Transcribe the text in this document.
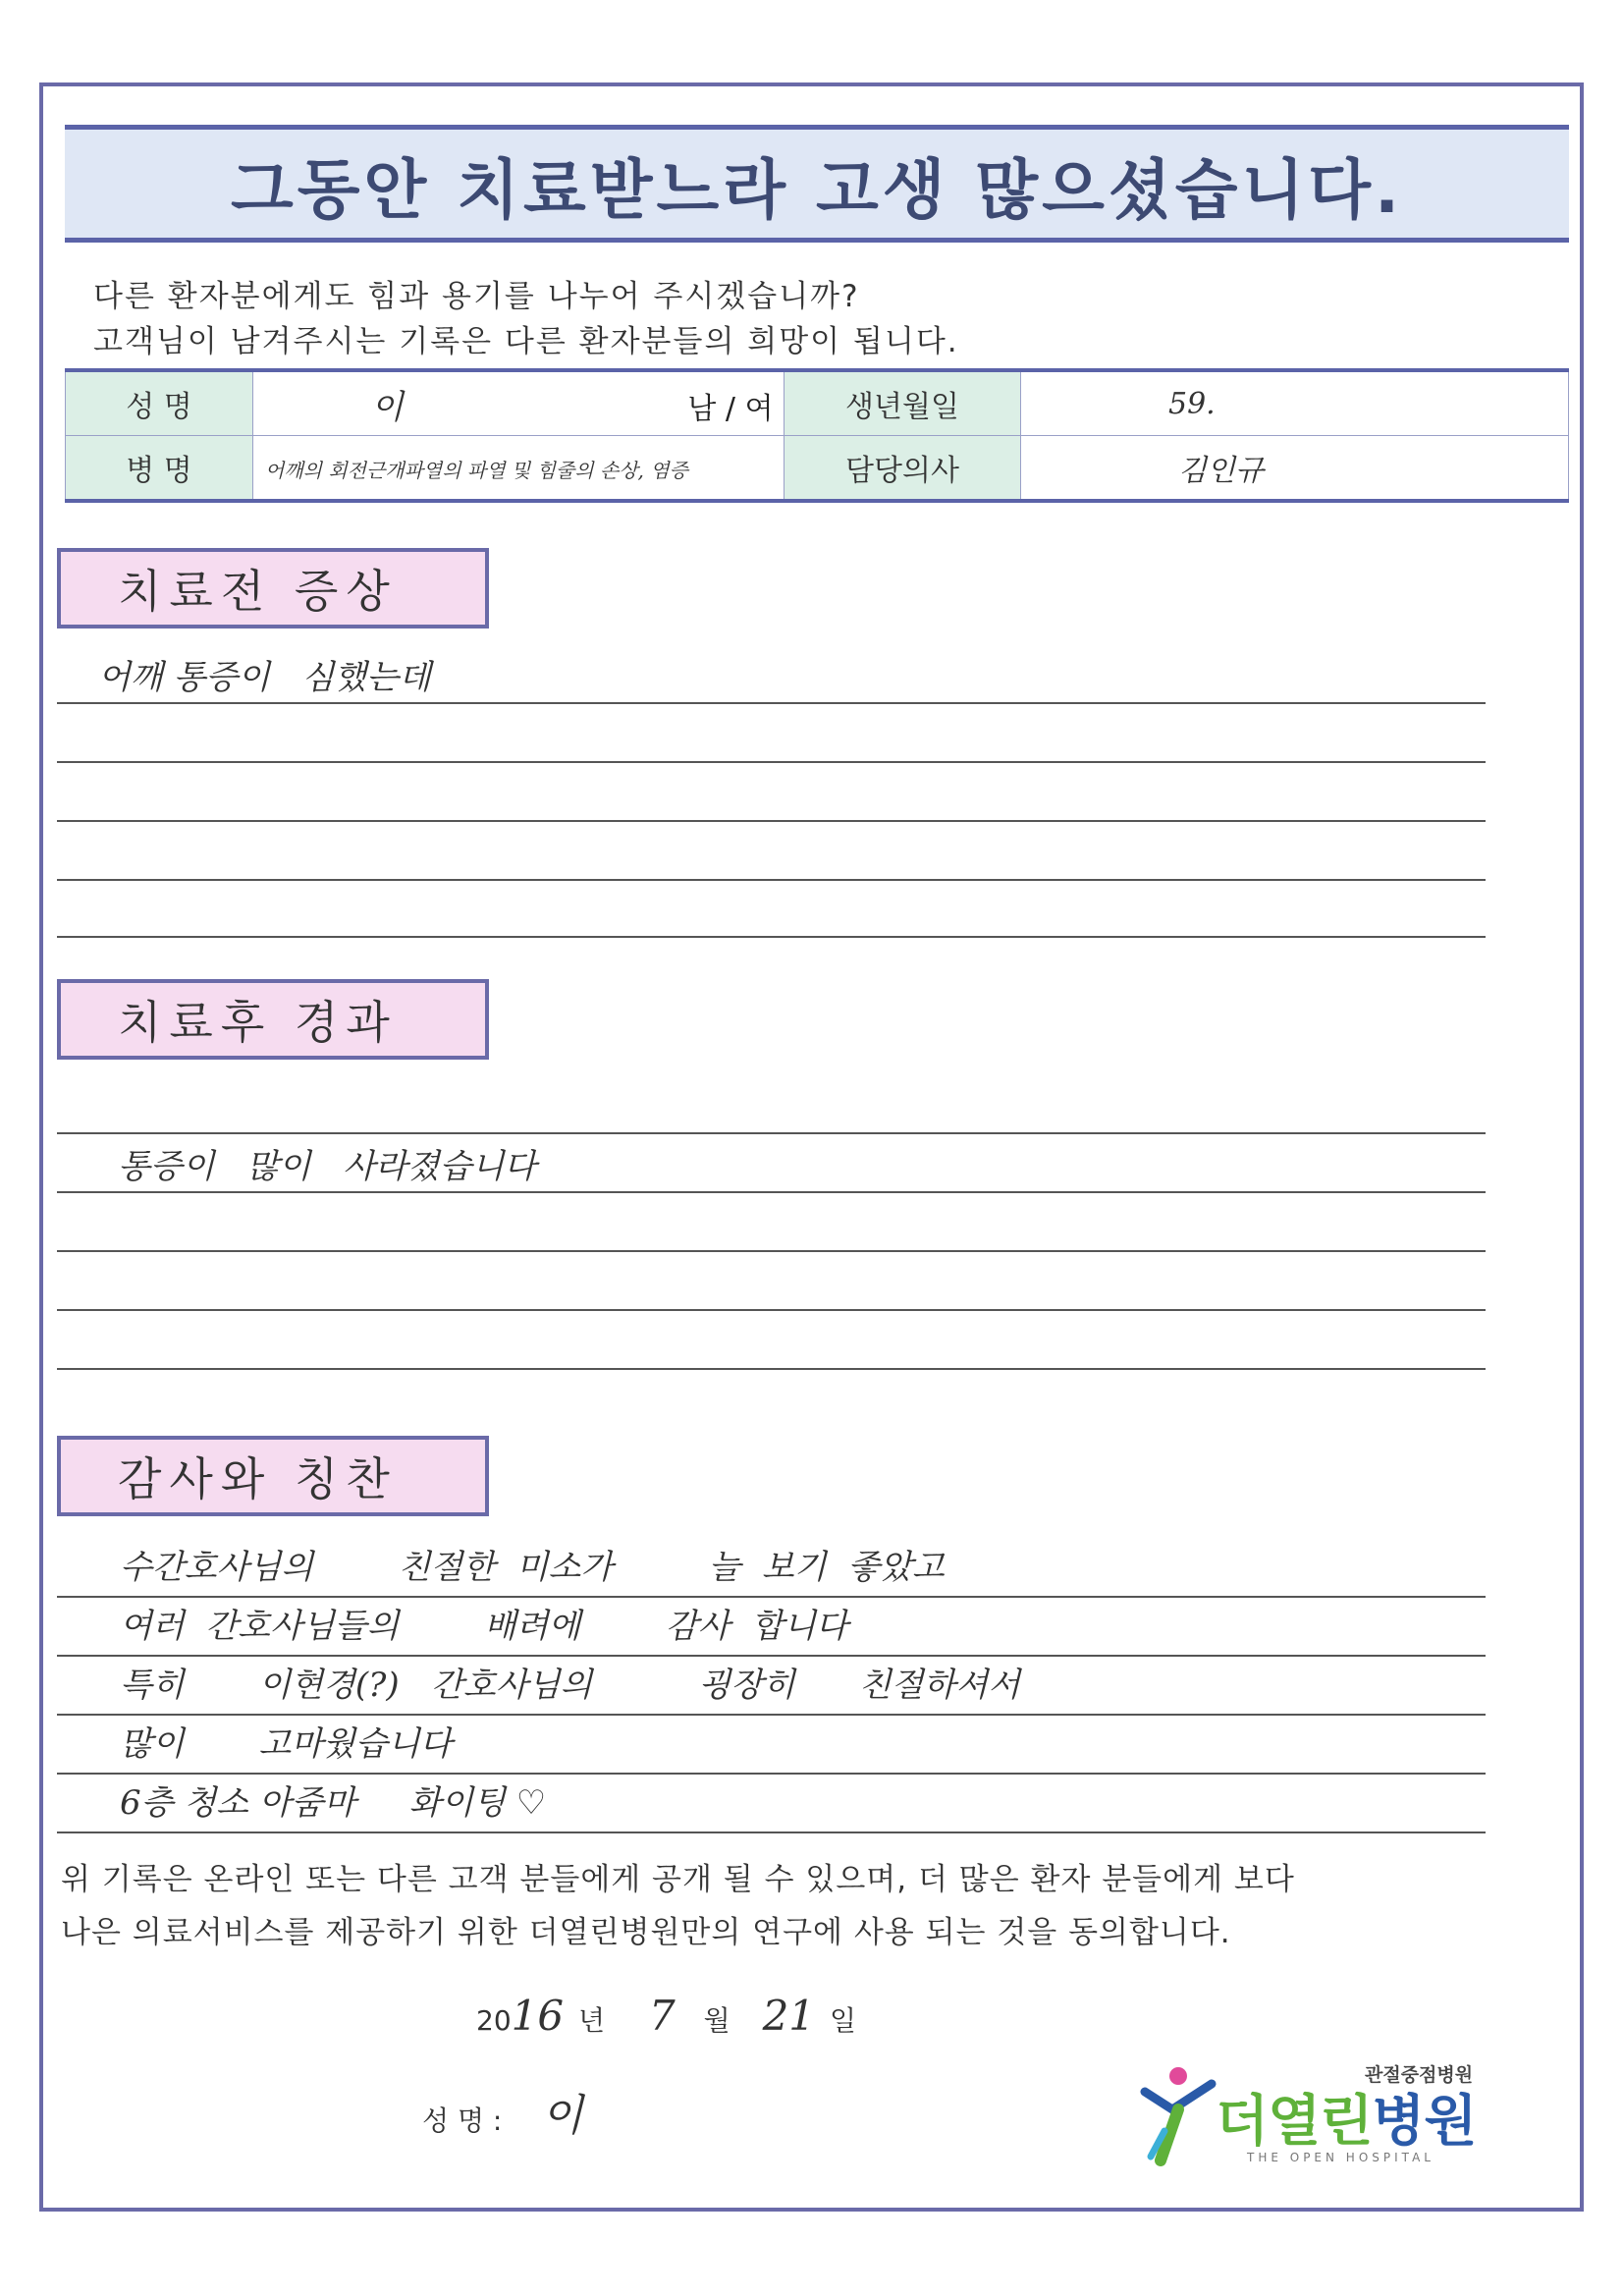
그동안 치료받느라 고생 많으셨습니다.
다른 환자분에게도 힘과 용기를 나누어 주시겠습니까?
고객님이 남겨주시는 기록은 다른 환자분들의 희망이 됩니다.
성 명	이 남 / 여	생년월일	59.
병 명	어깨의 회전근개파열의 파열 및 힘줄의 손상, 염증	담당의사	김인규
치료전 증상
어깨 통증이   심했는데
치료후 경과
통증이   많이   사라졌습니다
감사와 칭찬
수간호사님의        친절한  미소가         늘  보기  좋았고
여러  간호사님들의        배려에        감사  합니다
특히       이현경(?)   간호사님의          굉장히      친절하셔서
많이       고마웠습니다
6층 청소 아줌마     화이팅 ♡
위 기록은 온라인 또는 다른 고객 분들에게 공개 될 수 있으며, 더 많은 환자 분들에게 보다
나은 의료서비스를 제공하기 위한 더열린병원만의 연구에 사용 되는 것을 동의합니다.
2016 년 7 월 21 일
성 명 : 이
관절중점병원
더열린병원
THE OPEN HOSPITAL
